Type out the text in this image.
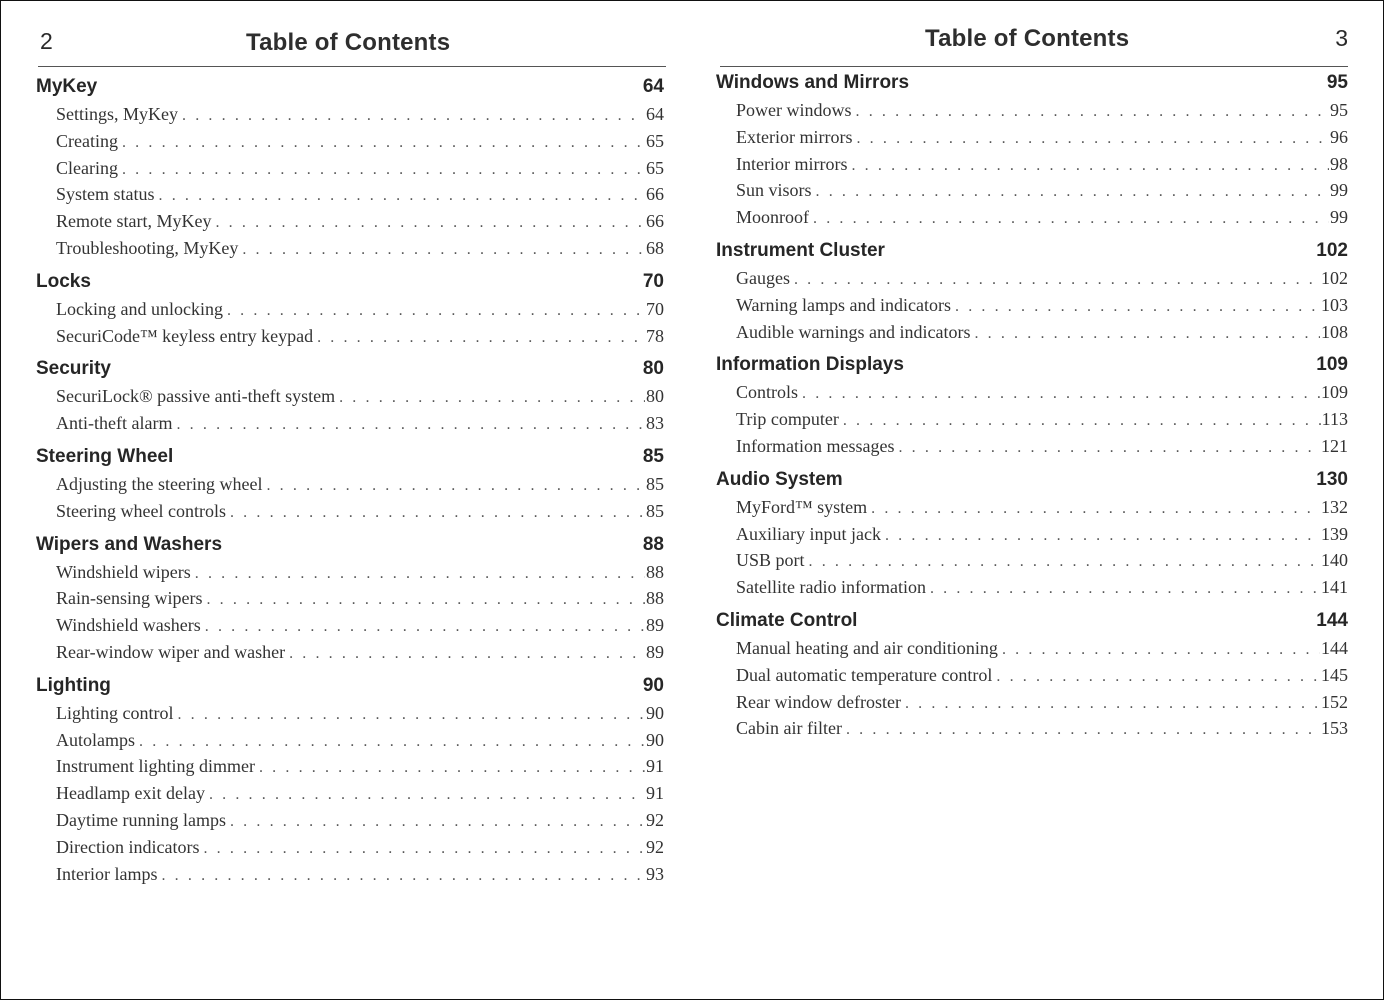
2	Table of Contents
MyKey	64
Settings, MyKey . . .	64
Creating . . .	65
Clearing . . .	65
System status . . .	66
Remote start, MyKey . . .	66
Troubleshooting, MyKey . . .	68
Locks	70
Locking and unlocking . . .	70
SecuriCode™ keyless entry keypad . . .	78
Security	80
SecuriLock® passive anti-theft system . . .	80
Anti-theft alarm . . .	83
Steering Wheel	85
Adjusting the steering wheel . . .	85
Steering wheel controls . . .	85
Wipers and Washers	88
Windshield wipers . . .	88
Rain-sensing wipers . . .	88
Windshield washers . . .	89
Rear-window wiper and washer . . .	89
Lighting	90
Lighting control . . .	90
Autolamps . . .	90
Instrument lighting dimmer . . .	91
Headlamp exit delay . . .	91
Daytime running lamps . . .	92
Direction indicators . . .	92
Interior lamps . . .	93
Table of Contents	3
Windows and Mirrors	95
Power windows . . .	95
Exterior mirrors . . .	96
Interior mirrors . . .	98
Sun visors . . .	99
Moonroof . . .	99
Instrument Cluster	102
Gauges . . .	102
Warning lamps and indicators . . .	103
Audible warnings and indicators . . .	108
Information Displays	109
Controls . . .	109
Trip computer . . .	113
Information messages . . .	121
Audio System	130
MyFord™ system . . .	132
Auxiliary input jack . . .	139
USB port . . .	140
Satellite radio information . . .	141
Climate Control	144
Manual heating and air conditioning . . .	144
Dual automatic temperature control . . .	145
Rear window defroster . . .	152
Cabin air filter . . .	153
